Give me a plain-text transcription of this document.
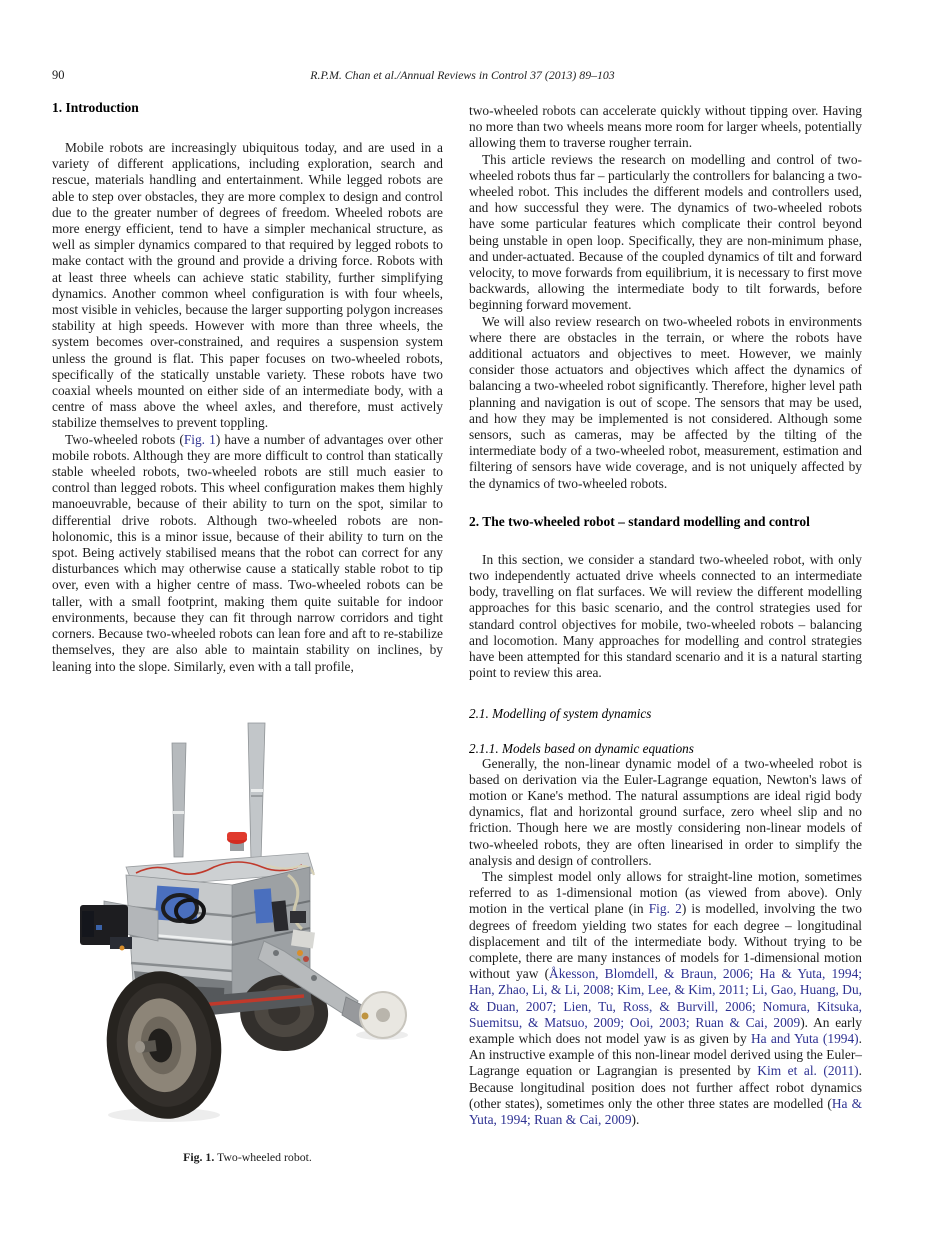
90	R.P.M. Chan et al./Annual Reviews in Control 37 (2013) 89–103
1. Introduction

Mobile robots are increasingly ubiquitous today, and are used in a variety of different applications, including exploration, search and rescue, materials handling and entertainment. While legged robots are able to step over obstacles, they are more complex to design and control due to the greater number of degrees of freedom. Wheeled robots are more energy efficient, tend to have a simpler mechanical structure, as well as simpler dynamics compared to that required by legged robots to make contact with the ground and provide a driving force. Robots with at least three wheels can achieve static stability, further simplifying dynamics. Another common wheel configuration is with four wheels, most visible in vehicles, because the larger supporting polygon increases stability at high speeds. However with more than three wheels, the system becomes over-constrained, and requires a suspension system unless the ground is flat. This paper focuses on two-wheeled robots, specifically of the statically unstable variety. These robots have two coaxial wheels mounted on either side of an intermediate body, with a centre of mass above the wheel axles, and therefore, must actively stabilize themselves to prevent toppling.

Two-wheeled robots (Fig. 1) have a number of advantages over other mobile robots. Although they are more difficult to control than statically stable wheeled robots, two-wheeled robots are still much easier to control than legged robots. This wheel configuration makes them highly manoeuvrable, because of their ability to turn on the spot, similar to differential drive robots. Although two-wheeled robots are non-holonomic, this is a minor issue, because of their ability to turn on the spot. Being actively stabilised means that the robot can correct for any disturbances which may otherwise cause a statically stable robot to tip over, even with a higher centre of mass. Two-wheeled robots can be taller, with a small footprint, making them quite suitable for indoor environments, because they can fit through narrow corridors and tight corners. Because two-wheeled robots can lean fore and aft to re-stabilize themselves, they are also able to maintain stability on inclines, by leaning into the slope. Similarly, even with a tall profile,

Fig. 1. Two-wheeled robot.

two-wheeled robots can accelerate quickly without tipping over. Having no more than two wheels means more room for larger wheels, potentially allowing them to traverse rougher terrain.

This article reviews the research on modelling and control of two-wheeled robots thus far – particularly the controllers for balancing a two-wheeled robot. This includes the different models and controllers used, and how successful they were. The dynamics of two-wheeled robots have some particular features which complicate their control beyond being unstable in open loop. Specifically, they are non-minimum phase, and under-actuated. Because of the coupled dynamics of tilt and forward velocity, to move forwards from equilibrium, it is necessary to first move backwards, allowing the intermediate body to tilt forwards, before beginning forward movement.

We will also review research on two-wheeled robots in environments where there are obstacles in the terrain, or where the robots have additional actuators and objectives to meet. However, we mainly consider those actuators and objectives which affect the dynamics of balancing a two-wheeled robot significantly. Therefore, higher level path planning and navigation is out of scope. The sensors that may be used, and how they may be implemented is not considered. Although some sensors, such as cameras, may be affected by the tilting of the intermediate body of a two-wheeled robot, measurement, estimation and filtering of sensors have wide coverage, and is not uniquely affected by the dynamics of two-wheeled robots.

2. The two-wheeled robot – standard modelling and control

In this section, we consider a standard two-wheeled robot, with only two independently actuated drive wheels connected to an intermediate body, travelling on flat surfaces. We will review the different modelling approaches for this basic scenario, and the control strategies used for standard control objectives for mobile, two-wheeled robots – balancing and locomotion. Many approaches for modelling and control strategies have been attempted for this standard scenario and it is a natural starting point to review this area.

2.1. Modelling of system dynamics
2.1.1. Models based on dynamic equations

Generally, the non-linear dynamic model of a two-wheeled robot is based on derivation via the Euler-Lagrange equation, Newton's laws of motion or Kane's method. The natural assumptions are ideal rigid body dynamics, flat and horizontal ground surface, zero wheel slip and no friction. Though here we are mostly considering non-linear models of two-wheeled robots, they are often linearised in order to simplify the analysis and design of controllers.

The simplest model only allows for straight-line motion, sometimes referred to as 1-dimensional motion (as viewed from above). Only motion in the vertical plane (in Fig. 2) is modelled, involving the two degrees of freedom yielding two states for each degree – longitudinal displacement and tilt of the intermediate body. Without trying to be complete, there are many instances of models for 1-dimensional motion without yaw (Åkesson, Blomdell, & Braun, 2006; Ha & Yuta, 1994; Han, Zhao, Li, & Li, 2008; Kim, Lee, & Kim, 2011; Li, Gao, Huang, Du, & Duan, 2007; Lien, Tu, Ross, & Burvill, 2006; Nomura, Kitsuka, Suemitsu, & Matsuo, 2009; Ooi, 2003; Ruan & Cai, 2009). An early example which does not model yaw is as given by Ha and Yuta (1994). An instructive example of this non-linear model derived using the Euler–Lagrange equation or Lagrangian is presented by Kim et al. (2011). Because longitudinal position does not further affect robot dynamics (other states), sometimes only the other three states are modelled (Ha & Yuta, 1994; Ruan & Cai, 2009).
